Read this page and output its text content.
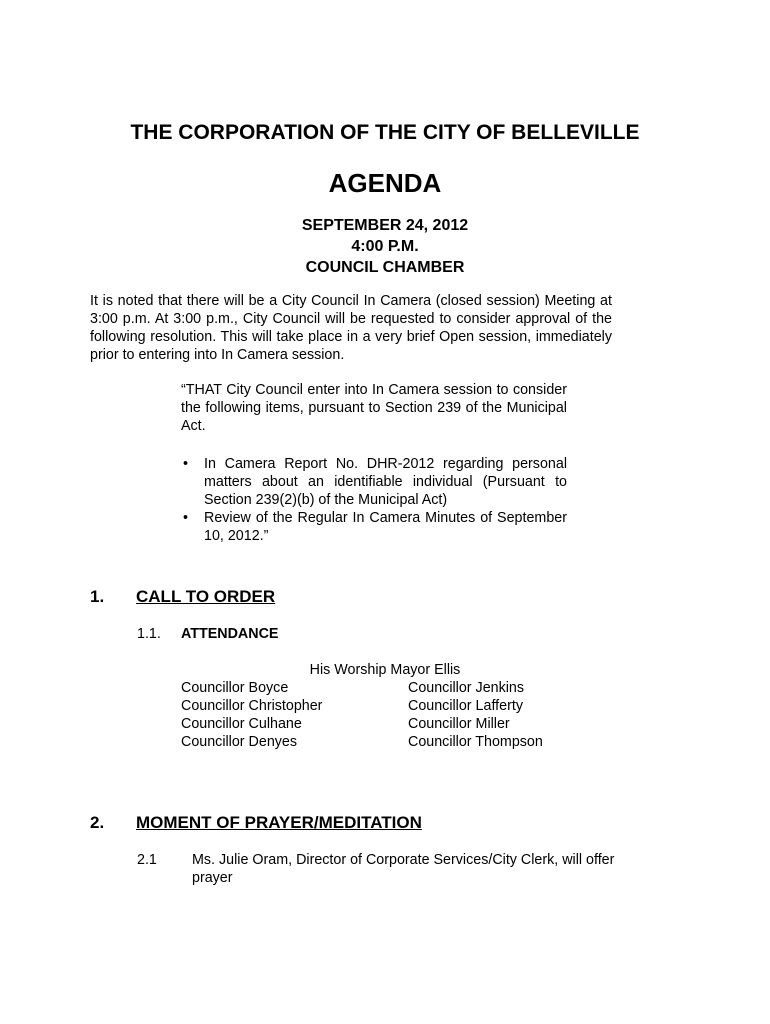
THE CORPORATION OF THE CITY OF BELLEVILLE
AGENDA
SEPTEMBER 24, 2012
4:00 P.M.
COUNCIL CHAMBER
It is noted that there will be a City Council In Camera (closed session) Meeting at 3:00 p.m. At 3:00 p.m., City Council will be requested to consider approval of the following resolution. This will take place in a very brief Open session, immediately prior to entering into In Camera session.
“THAT City Council enter into In Camera session to consider the following items, pursuant to Section 239 of the Municipal Act.
• In Camera Report No. DHR-2012 regarding personal matters about an identifiable individual (Pursuant to Section 239(2)(b) of the Municipal Act)
• Review of the Regular In Camera Minutes of September 10, 2012.”
1. CALL TO ORDER
1.1. ATTENDANCE
His Worship Mayor Ellis
Councillor Boyce
Councillor Christopher
Councillor Culhane
Councillor Denyes
Councillor Jenkins
Councillor Lafferty
Councillor Miller
Councillor Thompson
2. MOMENT OF PRAYER/MEDITATION
2.1 Ms. Julie Oram, Director of Corporate Services/City Clerk, will offer prayer
